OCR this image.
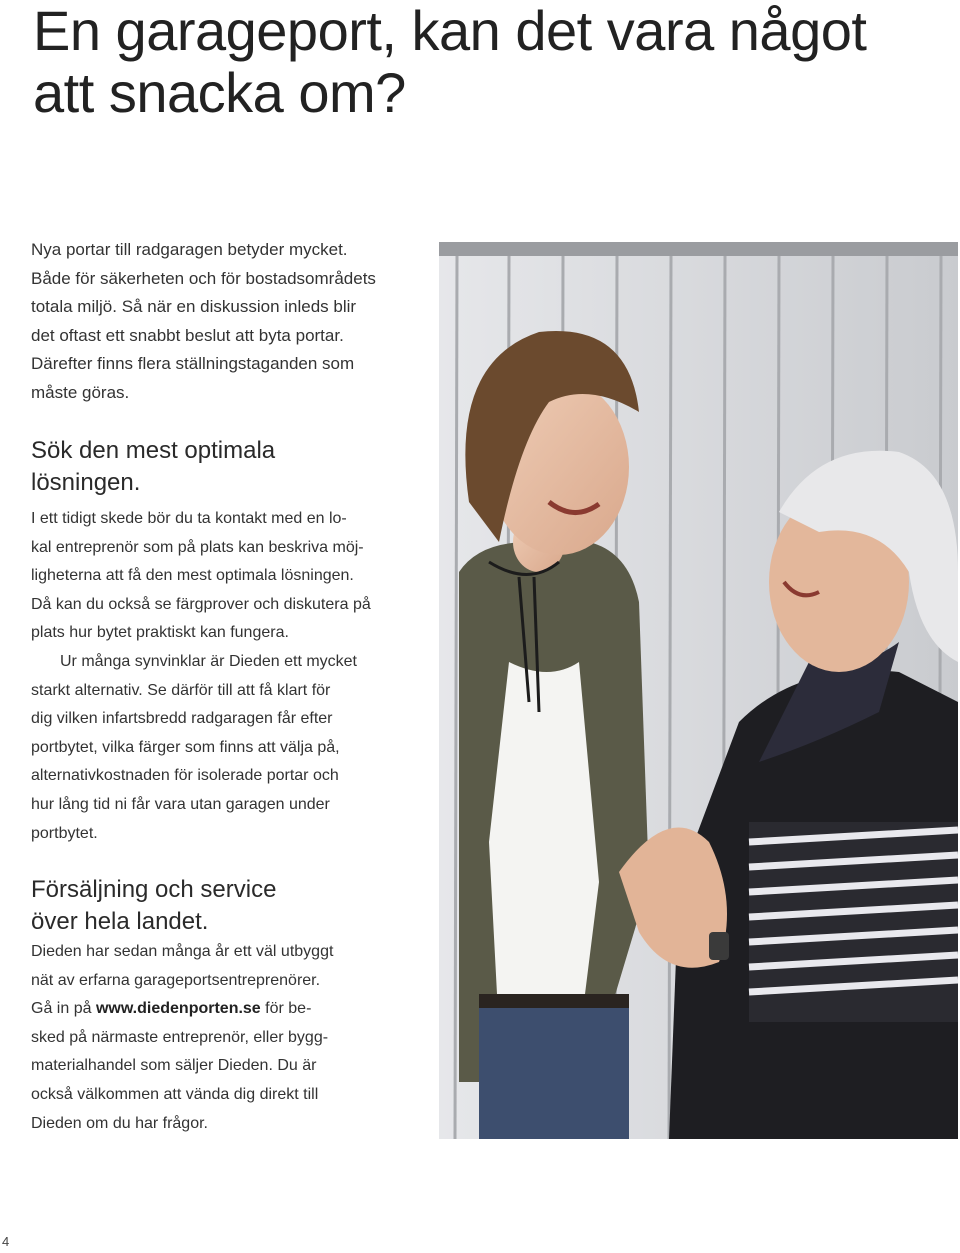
En garageport, kan det vara något
att snacka om?

Nya portar till radgaragen betyder mycket.
Både för säkerheten och för bostadsområdets
totala miljö. Så när en diskussion inleds blir
det oftast ett snabbt beslut att byta portar.
Därefter finns flera ställningstaganden som
måste göras.

Sök den mest optimala
lösningen.
I ett tidigt skede bör du ta kontakt med en lo-
kal entreprenör som på plats kan beskriva möj-
ligheterna att få den mest optimala lösningen.
Då kan du också se färgprover och diskutera på
plats hur bytet praktiskt kan fungera.
Ur många synvinklar är Dieden ett mycket
starkt alternativ. Se därför till att få klart för
dig vilken infartsbredd radgaragen får efter
portbytet, vilka färger som finns att välja på,
alternativkostnaden för isolerade portar och
hur lång tid ni får vara utan garagen under
portbytet.
Försäljning och service
över hela landet.
Dieden har sedan många år ett väl utbyggt
nät av erfarna garageportsentreprenörer.
Gå in på www.diedenporten.se för be-
sked på närmaste entreprenör, eller bygg-
materialhandel som säljer Dieden. Du är
också välkommen att vända dig direkt till
Dieden om du har frågor.
4
